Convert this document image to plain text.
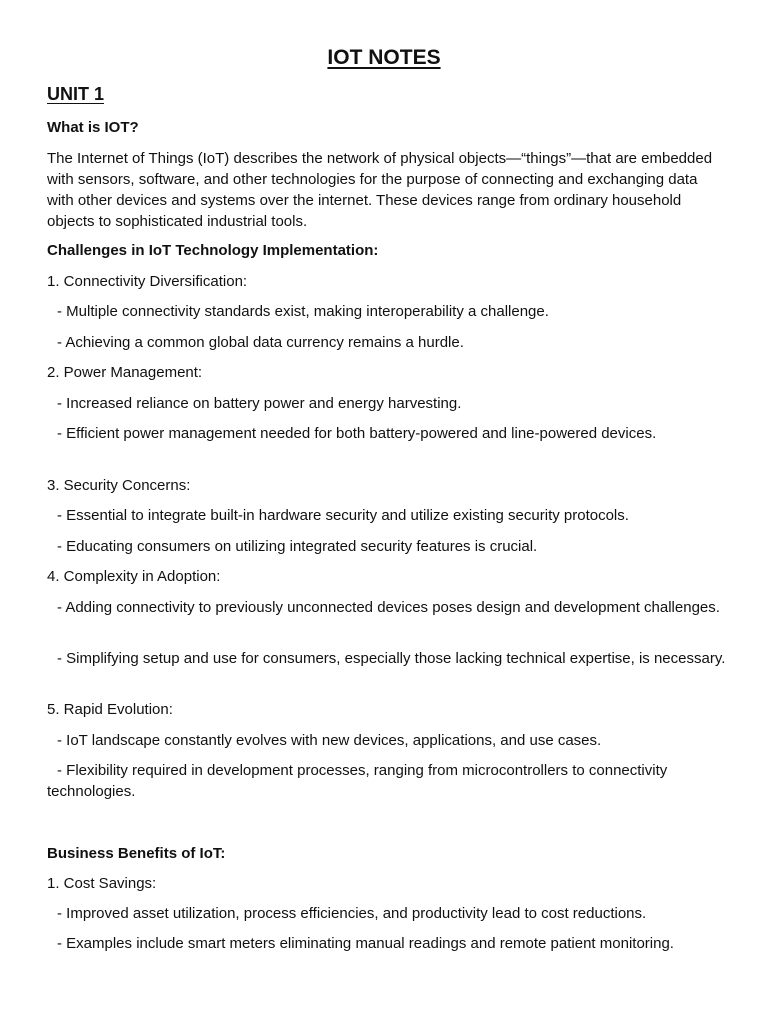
IOT NOTES
UNIT 1

What is IOT?

The Internet of Things (IoT) describes the network of physical objects—“things”—that are embedded with sensors, software, and other technologies for the purpose of connecting and exchanging data with other devices and systems over the internet. These devices range from ordinary household objects to sophisticated industrial tools.

Challenges in IoT Technology Implementation:

1. Connectivity Diversification:

- Multiple connectivity standards exist, making interoperability a challenge.

- Achieving a common global data currency remains a hurdle.

2. Power Management:

- Increased reliance on battery power and energy harvesting.

- Efficient power management needed for both battery-powered and line-powered devices.

3. Security Concerns:

- Essential to integrate built-in hardware security and utilize existing security protocols.

- Educating consumers on utilizing integrated security features is crucial.

4. Complexity in Adoption:

- Adding connectivity to previously unconnected devices poses design and development challenges.

- Simplifying setup and use for consumers, especially those lacking technical expertise, is necessary.

5. Rapid Evolution:

- IoT landscape constantly evolves with new devices, applications, and use cases.

- Flexibility required in development processes, ranging from microcontrollers to connectivity technologies.

Business Benefits of IoT:

1. Cost Savings:

- Improved asset utilization, process efficiencies, and productivity lead to cost reductions.

- Examples include smart meters eliminating manual readings and remote patient monitoring.
